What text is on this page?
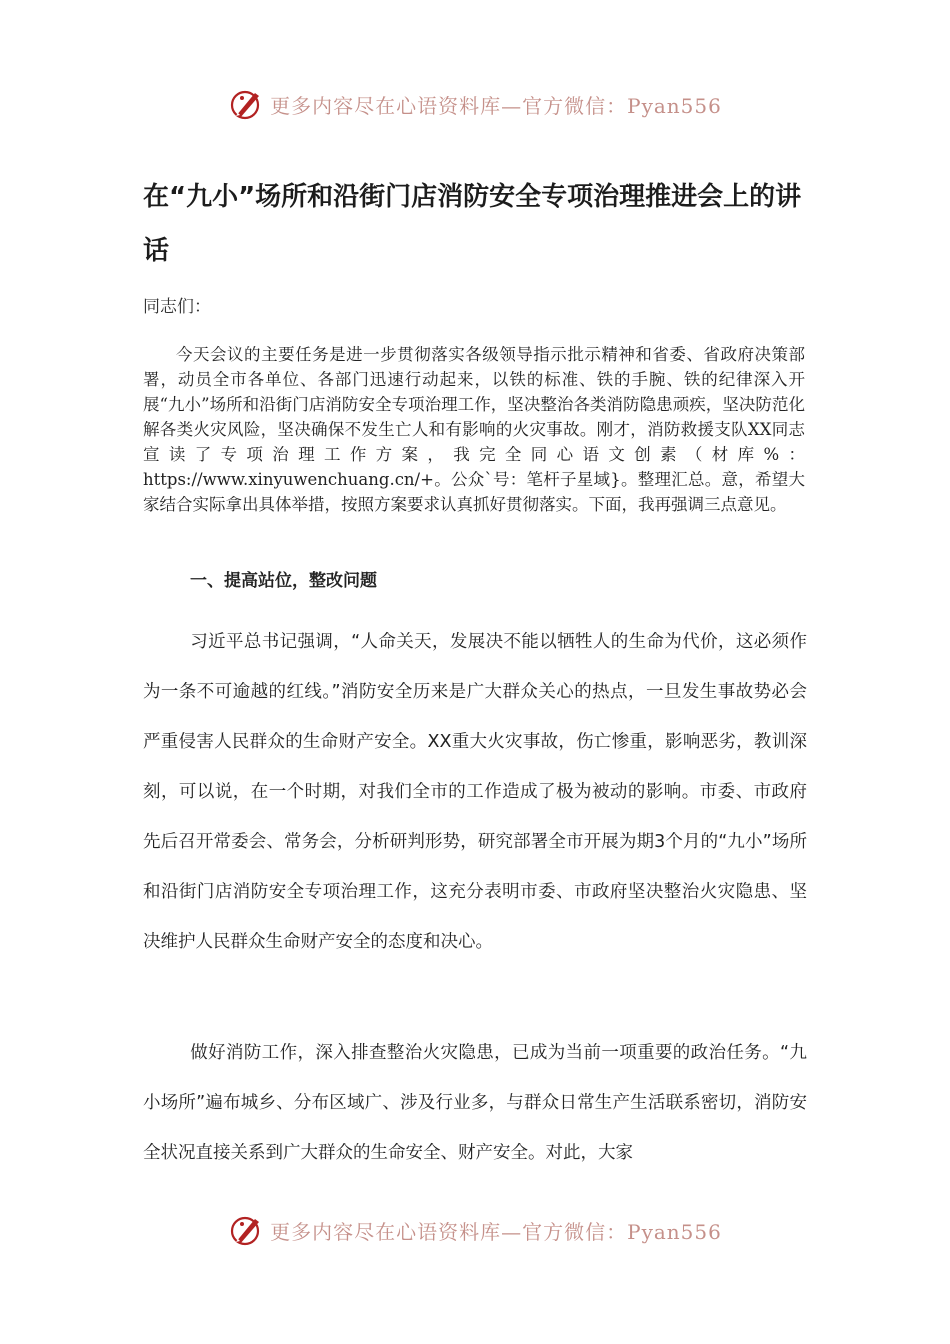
更多内容尽在心语资料库—官方微信：Pyan556
在“九小”场所和沿街门店消防安全专项治理推进会上的讲话
同志们：

今天会议的主要任务是进一步贯彻落实各级领导指示批示精神和省委、省政府决策部署，动员全市各单位、各部门迅速行动起来，以铁的标准、铁的手腕、铁的纪律深入开展“九小”场所和沿街门店消防安全专项治理工作，坚决整治各类消防隐患顽疾，坚决防范化解各类火灾风险，坚决确保不发生亡人和有影响的火灾事故。刚才，消防救援支队XX同志宣读了专项治理工作方案，我完全同心语文创素（材库%：https://www.xinyuwenchuang.cn/+。公众`号：笔杆子星域}。整理汇总。意，希望大家结合实际拿出具体举措，按照方案要求认真抓好贯彻落实。下面，我再强调三点意见。

一、提高站位，整改问题

习近平总书记强调，“人命关天，发展决不能以牺牲人的生命为代价，这必须作为一条不可逾越的红线。”消防安全历来是广大群众关心的热点，一旦发生事故势必会严重侵害人民群众的生命财产安全。XX重大火灾事故，伤亡惨重，影响恶劣，教训深刻，可以说，在一个时期，对我们全市的工作造成了极为被动的影响。市委、市政府先后召开常委会、常务会，分析研判形势，研究部署全市开展为期3个月的“九小”场所和沿街门店消防安全专项治理工作，这充分表明市委、市政府坚决整治火灾隐患、坚决维护人民群众生命财产安全的态度和决心。

做好消防工作，深入排查整治火灾隐患，已成为当前一项重要的政治任务。“九小场所”遍布城乡、分布区域广、涉及行业多，与群众日常生产生活联系密切，消防安全状况直接关系到广大群众的生命安全、财产安全。对此，大家

更多内容尽在心语资料库—官方微信：Pyan556
